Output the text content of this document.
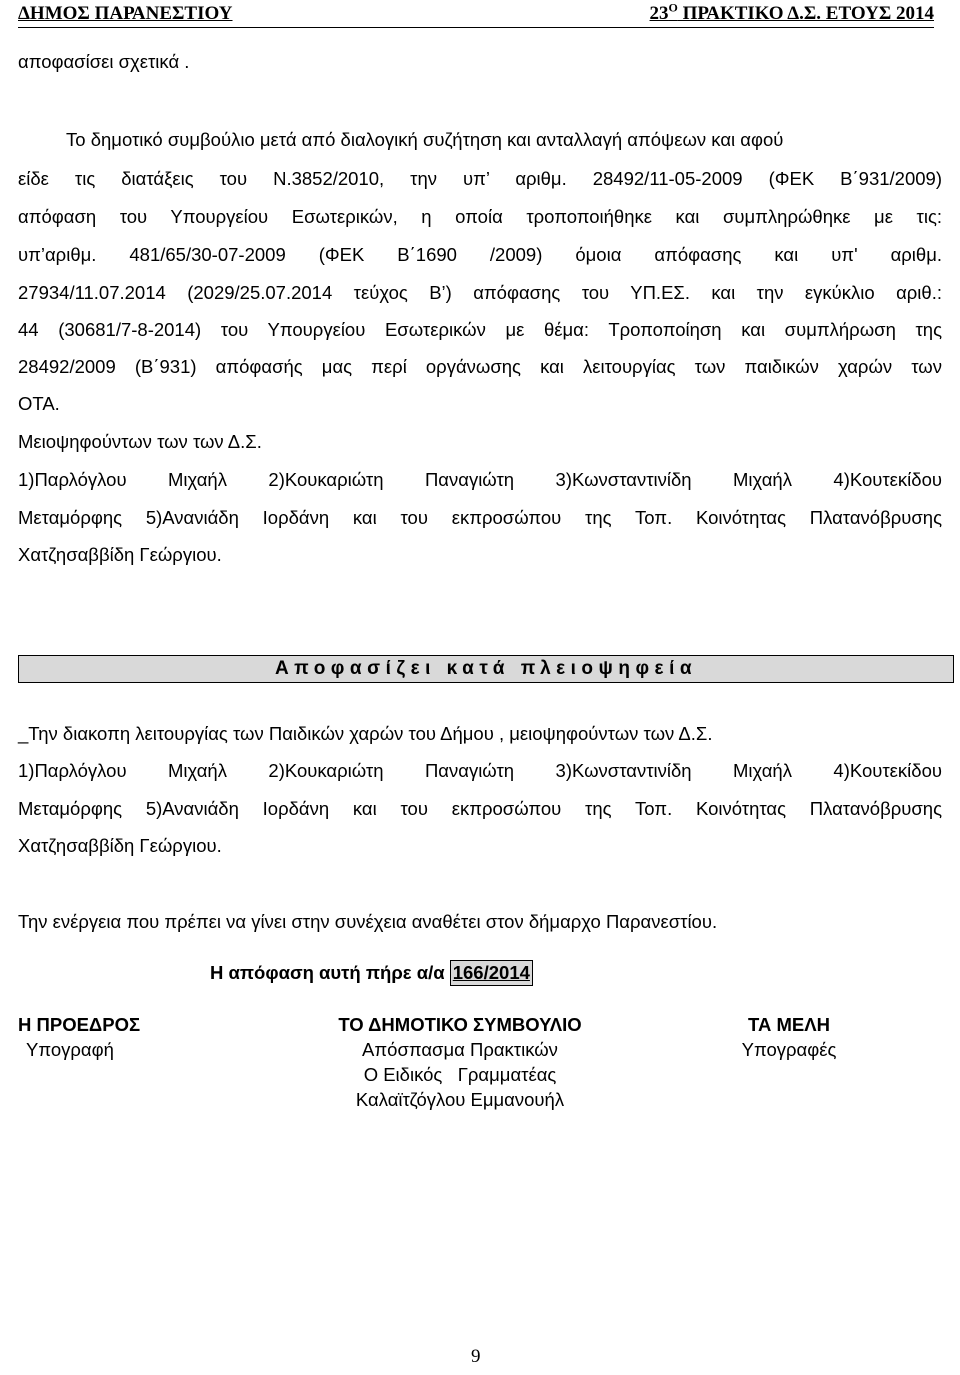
ΔΗΜΟΣ ΠΑΡΑΝΕΣΤΙΟΥ	$23^O$ ΠΡΑΚΤΙΚΟ Δ.Σ. ΕΤΟΥΣ 2014
αποφασίσει σχετικά .
Το δημοτικό συμβούλιο μετά από διαλογική συζήτηση και ανταλλαγή απόψεων και αφού
είδε τις διατάξεις του Ν.3852/2010, την υπ’ αριθμ. 28492/11-05-2009 (ΦΕΚ Β΄931/2009)
απόφαση του Υπουργείου Εσωτερικών, η οποία τροποποιήθηκε και συμπληρώθηκε με τις:
υπ’αριθμ. 481/65/30-07-2009 (ΦΕΚ Β΄1690 /2009) όμοια απόφασης και υπ' αριθμ.
27934/11.07.2014 (2029/25.07.2014 τεύχος Β’) απόφασης του ΥΠ.ΕΣ. και την εγκύκλιο αριθ.:
44 (30681/7-8-2014) του Υπουργείου Εσωτερικών με θέμα: Τροποποίηση και συμπλήρωση της
28492/2009 (Β΄931) απόφασής μας περί οργάνωσης και λειτουργίας των παιδικών χαρών των
ΟΤΑ.
Μειοψηφούντων των των Δ.Σ.
1)Παρλόγλου Μιχαήλ 2)Κουκαριώτη Παναγιώτη 3)Κωνσταντινίδη Μιχαήλ 4)Κουτεκίδου
Μεταμόρφης 5)Ανανιάδη Ιορδάνη και του εκπροσώπου της Τοπ. Κοινότητας Πλατανόβρυσης
Χατζησαββίδη Γεώργιου.
Αποφασίζει κατά πλειοψηφεία
_Την διακοπη λειτουργίας των Παιδικών χαρών του Δήμου , μειοψηφούντων των Δ.Σ.
1)Παρλόγλου Μιχαήλ 2)Κουκαριώτη Παναγιώτη 3)Κωνσταντινίδη Μιχαήλ 4)Κουτεκίδου
Μεταμόρφης 5)Ανανιάδη Ιορδάνη και του εκπροσώπου της Τοπ. Κοινότητας Πλατανόβρυσης
Χατζησαββίδη Γεώργιου.
Την ενέργεια που πρέπει να γίνει στην συνέχεια αναθέτει στον δήμαρχο Παρανεστίου.
Η απόφαση αυτή πήρε α/α 166/2014
Η ΠΡΟΕΔΡΟΣ
Υπογραφή
ΤΟ ΔΗΜΟΤΙΚΟ ΣΥΜΒΟΥΛΙΟ
Απόσπασμα Πρακτικών
Ο Ειδικός   Γραμματέας
Καλαϊτζόγλου Εμμανουήλ
ΤΑ ΜΕΛΗ
Υπογραφές
9
